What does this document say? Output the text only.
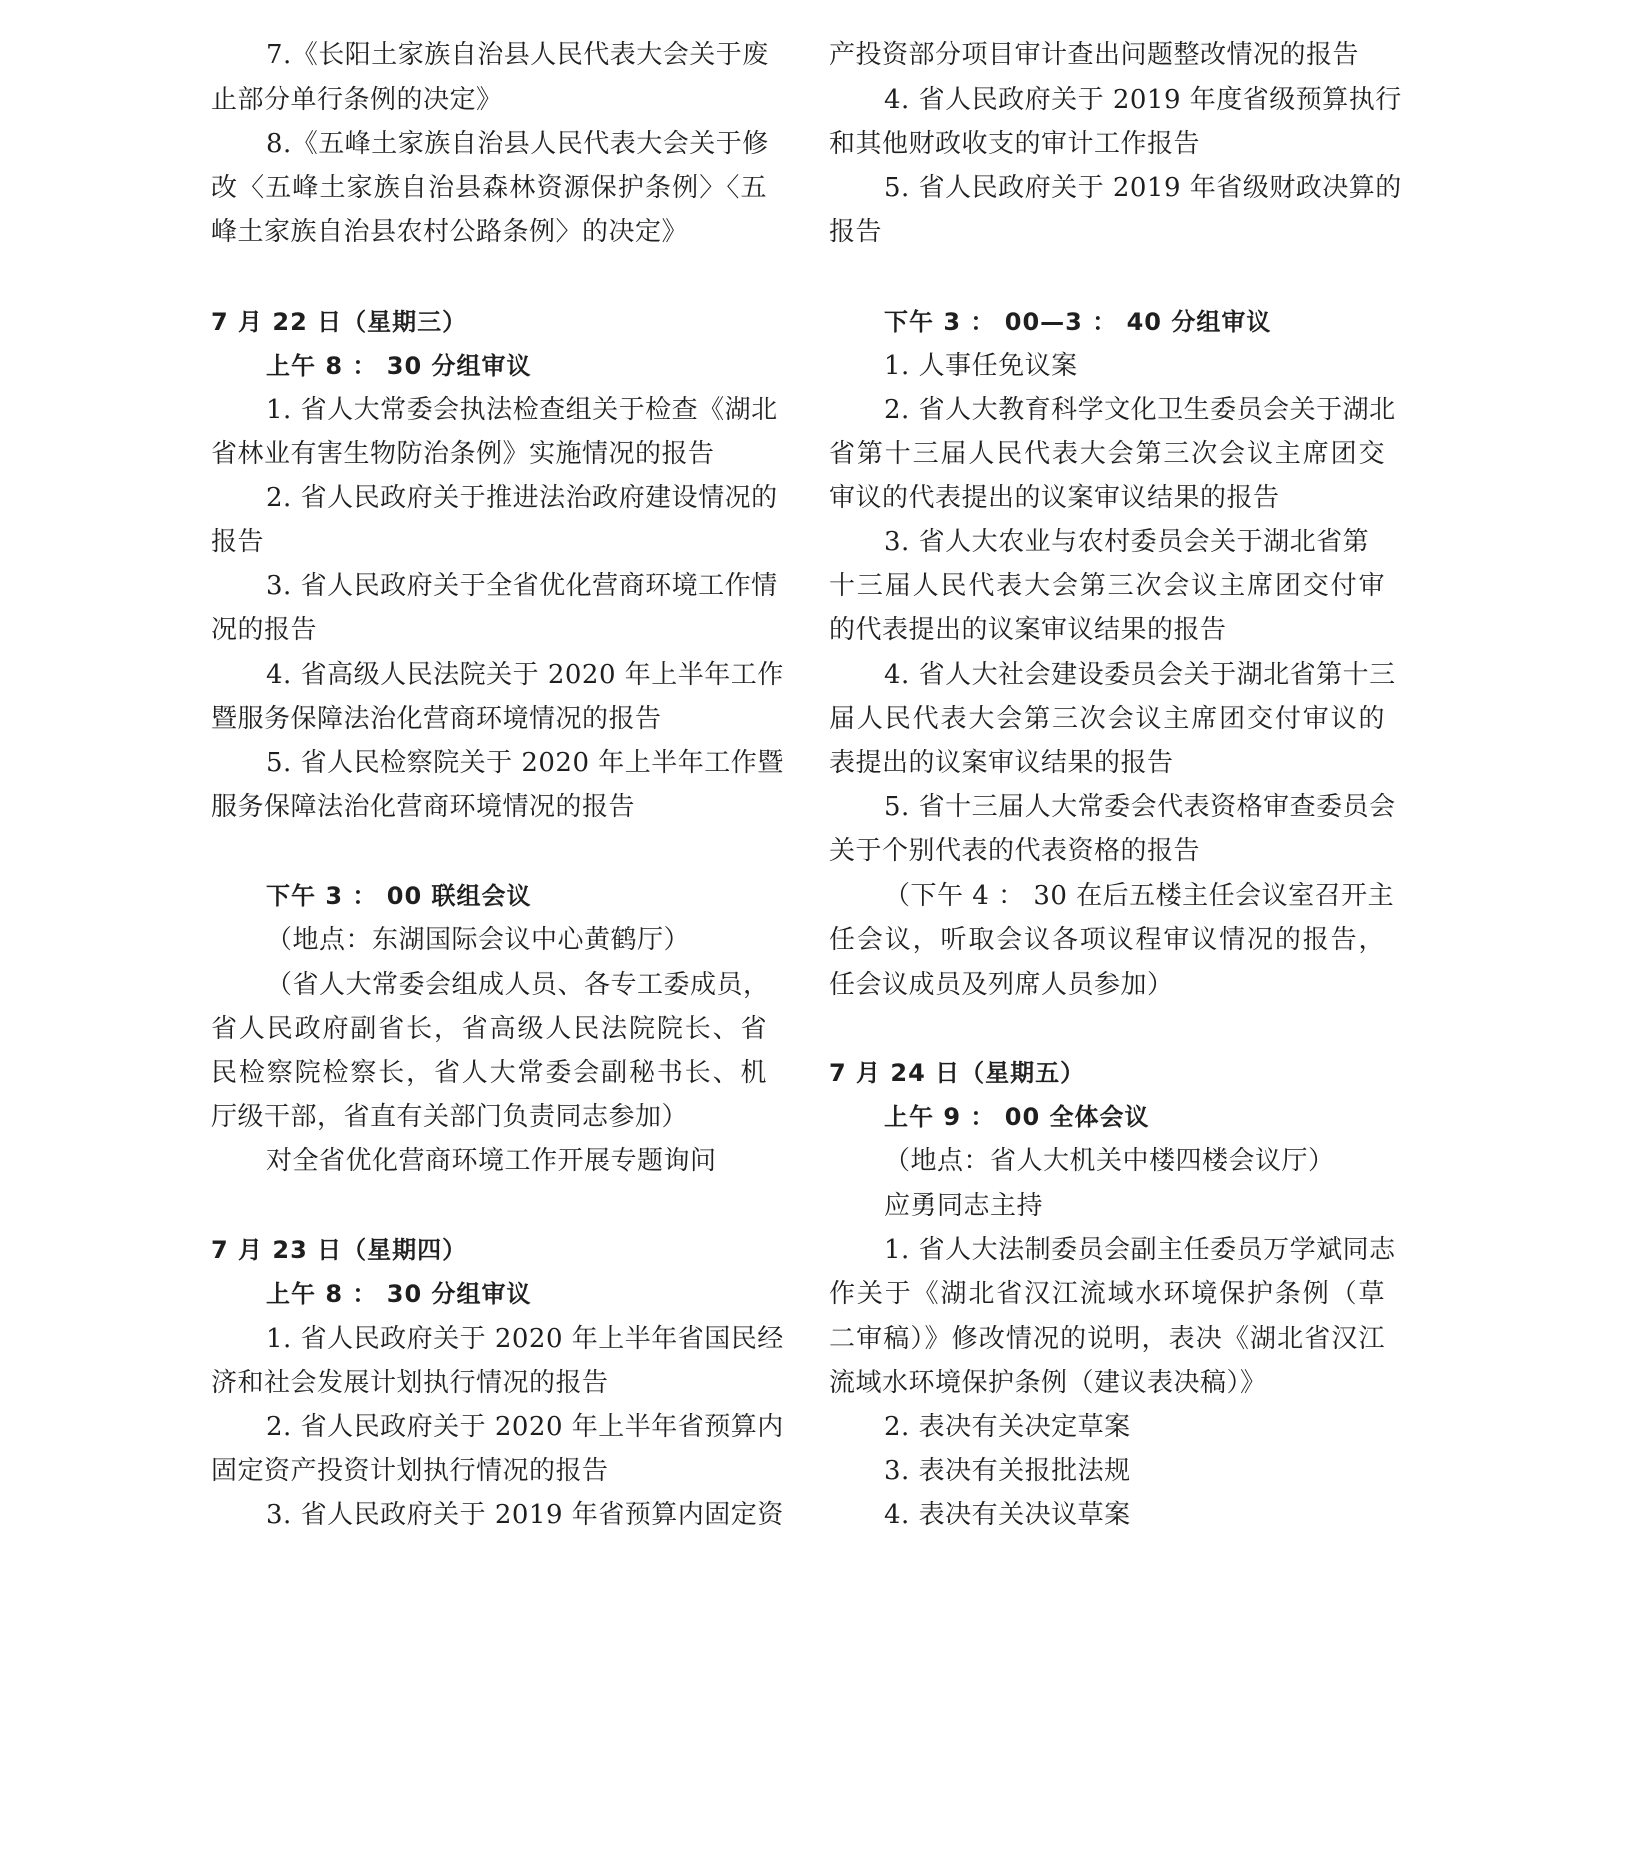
7.《长阳土家族自治县人民代表大会关于废
止部分单行条例的决定》
8.《五峰土家族自治县人民代表大会关于修
改〈五峰土家族自治县森林资源保护条例〉〈五
峰土家族自治县农村公路条例〉的决定》
7 月 22 日（星期三）
上午 8 ： 30 分组审议
1. 省人大常委会执法检查组关于检查《湖北
省林业有害生物防治条例》实施情况的报告
2. 省人民政府关于推进法治政府建设情况的
报告
3. 省人民政府关于全省优化营商环境工作情
况的报告
4. 省高级人民法院关于 2020 年上半年工作
暨服务保障法治化营商环境情况的报告
5. 省人民检察院关于 2020 年上半年工作暨
服务保障法治化营商环境情况的报告
下午 3 ： 00 联组会议
（地点：东湖国际会议中心黄鹤厅）
（省人大常委会组成人员、各专工委成员，
省人民政府副省长，省高级人民法院院长、省
民检察院检察长，省人大常委会副秘书长、机
厅级干部，省直有关部门负责同志参加）
对全省优化营商环境工作开展专题询问
7 月 23 日（星期四）
上午 8 ： 30 分组审议
1. 省人民政府关于 2020 年上半年省国民经
济和社会发展计划执行情况的报告
2. 省人民政府关于 2020 年上半年省预算内
固定资产投资计划执行情况的报告
3. 省人民政府关于 2019 年省预算内固定资
产投资部分项目审计查出问题整改情况的报告
4. 省人民政府关于 2019 年度省级预算执行
和其他财政收支的审计工作报告
5. 省人民政府关于 2019 年省级财政决算的
报告
下午 3 ： 00—3 ： 40 分组审议
1. 人事任免议案
2. 省人大教育科学文化卫生委员会关于湖北
省第十三届人民代表大会第三次会议主席团交
审议的代表提出的议案审议结果的报告
3. 省人大农业与农村委员会关于湖北省第
十三届人民代表大会第三次会议主席团交付审
的代表提出的议案审议结果的报告
4. 省人大社会建设委员会关于湖北省第十三
届人民代表大会第三次会议主席团交付审议的
表提出的议案审议结果的报告
5. 省十三届人大常委会代表资格审查委员会
关于个别代表的代表资格的报告
（下午 4 ： 30 在后五楼主任会议室召开主
任会议，听取会议各项议程审议情况的报告，
任会议成员及列席人员参加）
7 月 24 日（星期五）
上午 9 ： 00 全体会议
（地点：省人大机关中楼四楼会议厅）
应勇同志主持
1. 省人大法制委员会副主任委员万学斌同志
作关于《湖北省汉江流域水环境保护条例（草
二审稿）》修改情况的说明，表决《湖北省汉江
流域水环境保护条例（建议表决稿）》
2. 表决有关决定草案
3. 表决有关报批法规
4. 表决有关决议草案
